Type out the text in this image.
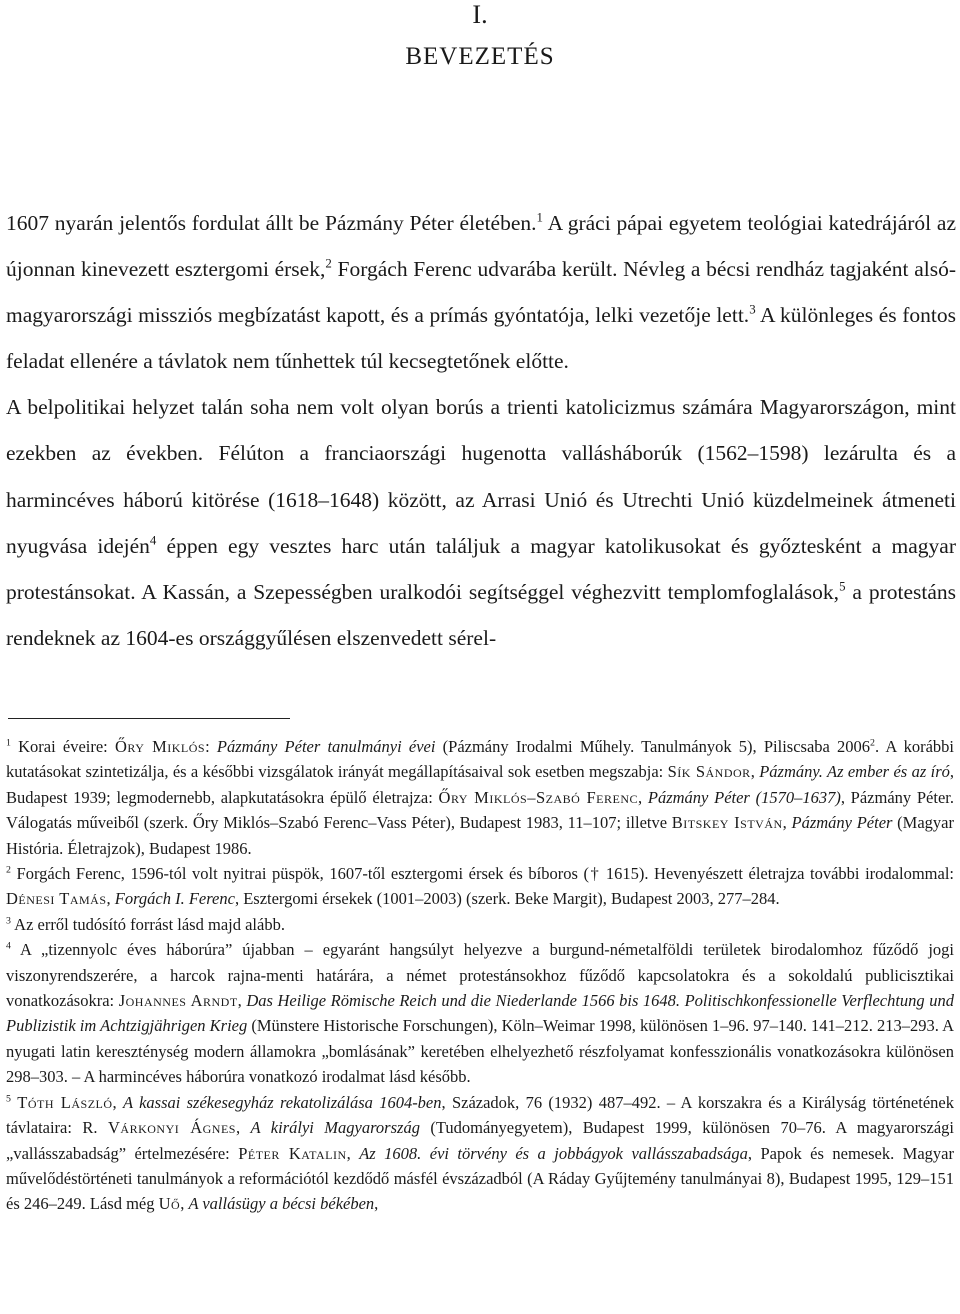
I.
BEVEZETÉS

1607 nyarán jelentős fordulat állt be Pázmány Péter életében.$^1$ A gráci pápai egyetem teológiai katedrájáról az újonnan kinevezett esztergomi érsek,$^2$ Forgách Ferenc udvarába került. Névleg a bécsi rendház tagjaként alsó-magyarországi missziós megbízatást kapott, és a prímás gyóntatója, lelki vezetője lett.$^3$ A különleges és fontos feladat ellenére a távlatok nem tűnhettek túl kecsegtetőnek előtte.

A belpolitikai helyzet talán soha nem volt olyan borús a trienti katolicizmus számára Magyarországon, mint ezekben az években. Félúton a franciaországi hugenotta vallásháborúk (1562–1598) lezárulta és a harmincéves háború kitörése (1618–1648) között, az Arrasi Unió és Utrechti Unió küzdelmeinek átmeneti nyugvása idején$^4$ éppen egy vesztes harc után találjuk a magyar katolikusokat és győztesként a magyar protestánsokat. A Kassán, a Szepességben uralkodói segítséggel véghezvitt templomfoglalások,$^5$ a protestáns rendeknek az 1604-es országgyűlésen elszenvedett sérel-

$^1$ Korai éveire: Őry Miklós: Pázmány Péter tanulmányi évei (Pázmány Irodalmi Műhely. Tanulmányok 5), Piliscsaba 2006$^2$. A korábbi kutatásokat szintetizálja, és a későbbi vizsgálatok irányát megállapításaival sok esetben megszabja: Sík Sándor, Pázmány. Az ember és az író, Budapest 1939; legmodernebb, alapkutatásokra épülő életrajza: Őry Miklós–Szabó Ferenc, Pázmány Péter (1570–1637), Pázmány Péter. Válogatás műveiből (szerk. Őry Miklós–Szabó Ferenc–Vass Péter), Budapest 1983, 11–107; illetve Bitskey István, Pázmány Péter (Magyar História. Életrajzok), Budapest 1986.

$^2$ Forgách Ferenc, 1596-tól volt nyitrai püspök, 1607-től esztergomi érsek és bíboros († 1615). Hevenyészett életrajza további irodalommal: Dénesi Tamás, Forgách I. Ferenc, Esztergomi érsekek (1001–2003) (szerk. Beke Margit), Budapest 2003, 277–284.

$^3$ Az erről tudósító forrást lásd majd alább.

$^4$ A „tizennyolc éves háborúra” újabban – egyaránt hangsúlyt helyezve a burgund-németalföldi területek birodalomhoz fűződő jogi viszonyrendszerére, a harcok rajna-menti határára, a német protestánsokhoz fűződő kapcsolatokra és a sokoldalú publicisztikai vonatkozásokra: Johannes Arndt, Das Heilige Römische Reich und die Niederlande 1566 bis 1648. Politischkonfessionelle Verflechtung und Publizistik im Achtzigjährigen Krieg (Münstere Historische Forschungen), Köln–Weimar 1998, különösen 1–96. 97–140. 141–212. 213–293. A nyugati latin kereszténység modern államokra „bomlásának” keretében elhelyezhető részfolyamat konfesszionális vonatkozásokra különösen 298–303. – A harmincéves háborúra vonatkozó irodalmat lásd később.

$^5$ Tóth László, A kassai székesegyház rekatolizálása 1604-ben, Századok, 76 (1932) 487–492. – A korszakra és a Királyság történetének távlataira: R. Várkonyi Ágnes, A királyi Magyarország (Tudományegyetem), Budapest 1999, különösen 70–76. A magyarországi „vallásszabadság” értelmezésére: Péter Katalin, Az 1608. évi törvény és a jobbágyok vallásszabadsága, Papok és nemesek. Magyar művelődéstörténeti tanulmányok a reformációtól kezdődő másfél évszázadból (A Ráday Gyűjtemény tanulmányai 8), Budapest 1995, 129–151 és 246–249. Lásd még Uő, A vallásügy a bécsi békében,
